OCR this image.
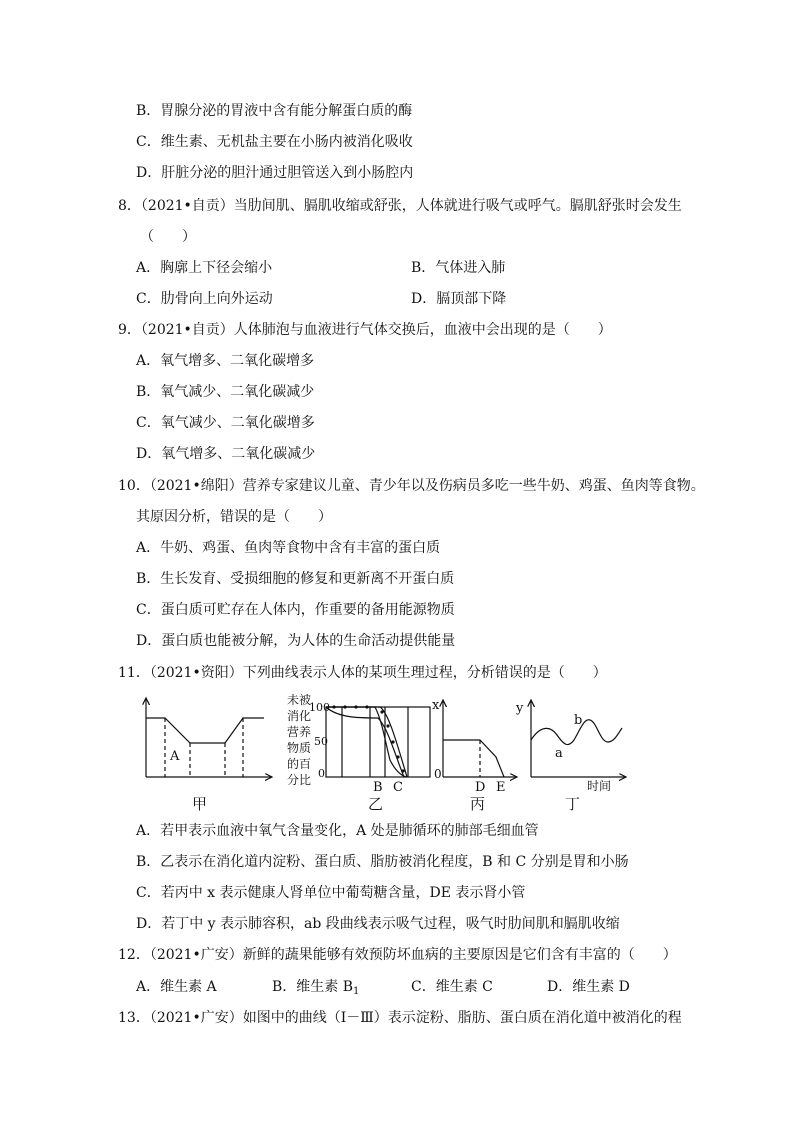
B．胃腺分泌的胃液中含有能分解蛋白质的酶
C．维生素、无机盐主要在小肠内被消化吸收
D．肝脏分泌的胆汁通过胆管送入到小肠腔内
8．（2021•自贡）当肋间肌、膈肌收缩或舒张，人体就进行吸气或呼气。膈肌舒张时会发生
（　　）
A．胸廓上下径会缩小	B．气体进入肺
C．肋骨向上向外运动	D．膈顶部下降
9．（2021•自贡）人体肺泡与血液进行气体交换后，血液中会出现的是（　　）
A．氧气增多、二氧化碳增多
B．氧气减少、二氧化碳减少
C．氧气减少、二氧化碳增多
D．氧气增多、二氧化碳减少
10．（2021•绵阳）营养专家建议儿童、青少年以及伤病员多吃一些牛奶、鸡蛋、鱼肉等食物。
其原因分析，错误的是（　　）
A．牛奶、鸡蛋、鱼肉等食物中含有丰富的蛋白质
B．生长发育、受损细胞的修复和更新离不开蛋白质
C．蛋白质可贮存在人体内，作重要的备用能源物质
D．蛋白质也能被分解，为人体的生命活动提供能量
11．（2021•资阳）下列曲线表示人体的某项生理过程，分析错误的是（　　）
A
未被
消化
营养
物质
的百
分比
100
50
0
B C
x
0
D E
y
a
b
时间
甲	乙	丙	丁
A．若甲表示血液中氧气含量变化，A 处是肺循环的肺部毛细血管
B．乙表示在消化道内淀粉、蛋白质、脂肪被消化程度，B 和 C 分别是胃和小肠
C．若丙中 x 表示健康人肾单位中葡萄糖含量，DE 表示肾小管
D．若丁中 y 表示肺容积，ab 段曲线表示吸气过程，吸气时肋间肌和膈肌收缩
12．（2021•广安）新鲜的蔬果能够有效预防坏血病的主要原因是它们含有丰富的（　　）
A．维生素 A	B．维生素 $B_1$	C．维生素 C	D．维生素 D
13．（2021•广安）如图中的曲线（Ⅰ－Ⅲ）表示淀粉、脂肪、蛋白质在消化道中被消化的程
